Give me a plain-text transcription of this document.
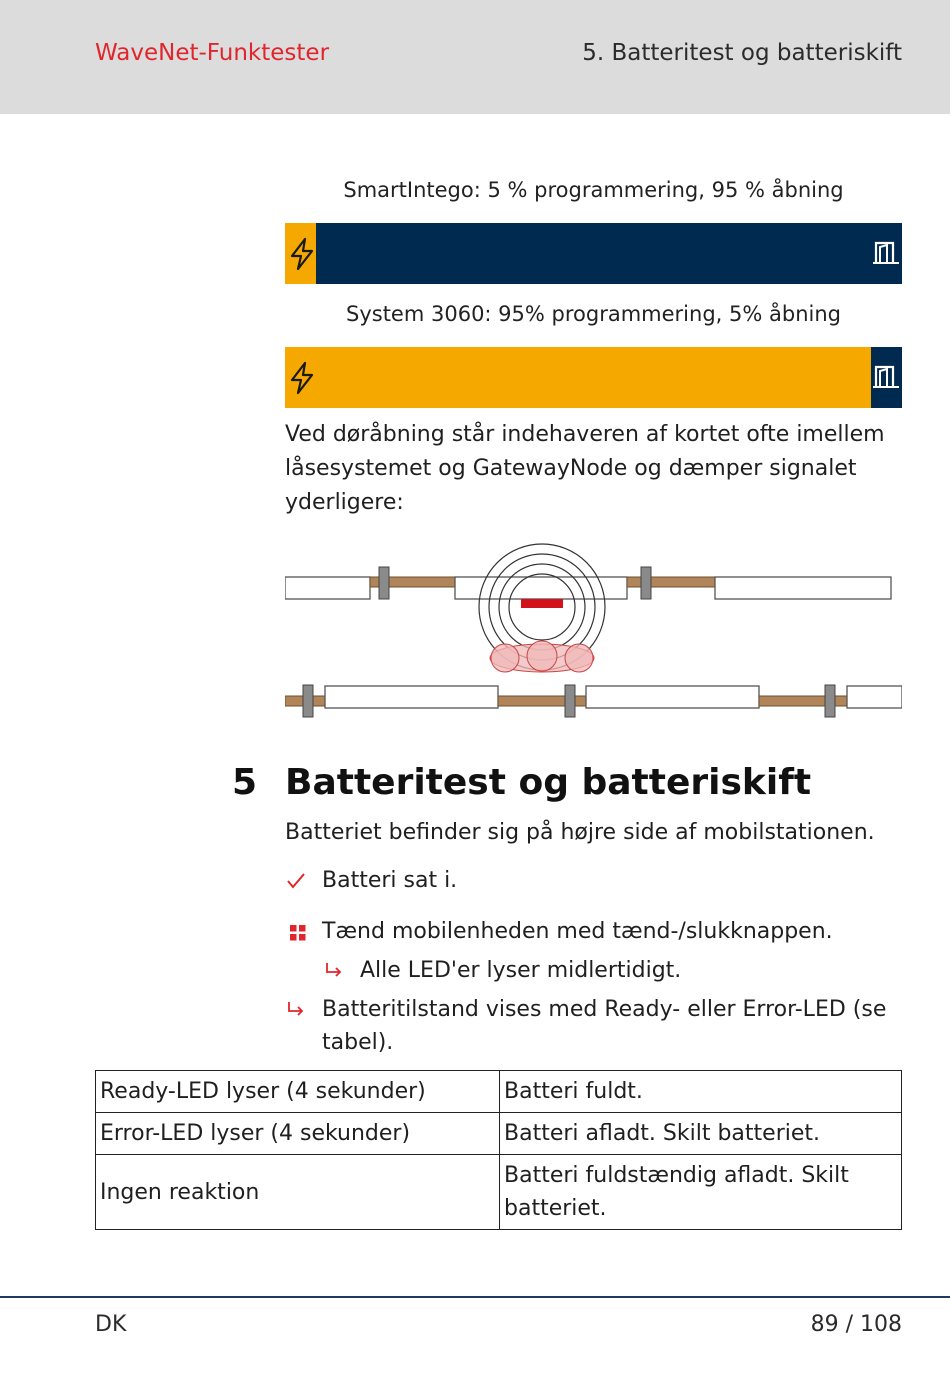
WaveNet-Funktester	5. Batteritest og batteriskift
SmartIntego: 5 % programmering, 95 % åbning
System 3060: 95% programmering, 5% åbning
Ved døråbning står indehaveren af kortet ofte imellem låsesystemet og GatewayNode og dæmper signalet yderligere:
5 Batteritest og batteriskift
Batteriet befinder sig på højre side af mobilstationen.
Batteri sat i.
Tænd mobilenheden med tænd-/slukknappen.
Alle LED'er lyser midlertidigt.
Batteritilstand vises med Ready- eller Error-LED (se
tabel).
Ready-LED lyser (4 sekunder)	Batteri fuldt.
Error-LED lyser (4 sekunder)	Batteri afladt. Skilt batteriet.
Ingen reaktion	Batteri fuldstændig afladt. Skilt
batteriet.
DK	89 / 108
